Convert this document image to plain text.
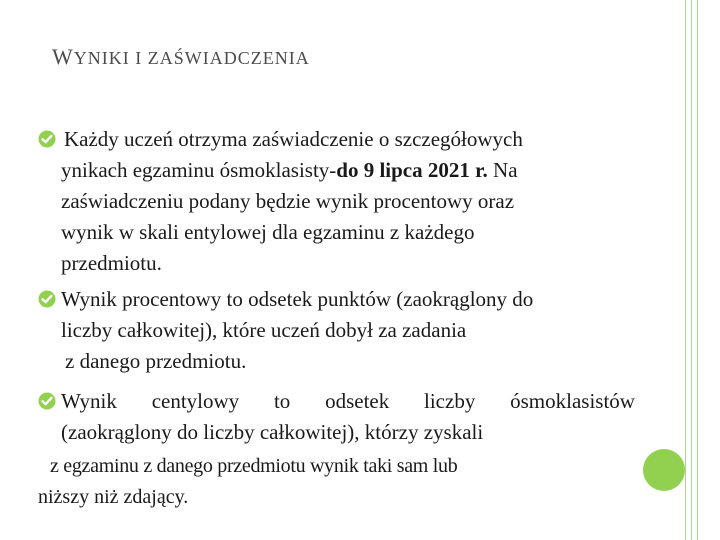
WYNIKI I ZAŚWIADCZENIA
Każdy uczeń otrzyma zaświadczenie o szczegółowych
ynikach egzaminu ósmoklasisty-do 9 lipca 2021 r. Na
zaświadczeniu podany będzie wynik procentowy oraz
wynik w skali entylowej dla egzaminu z każdego
przedmiotu.
Wynik procentowy to odsetek punktów (zaokrąglony do
liczby całkowitej), które uczeń dobył za zadania
z danego przedmiotu.
Wynik centylowy to odsetek liczby ósmoklasistów
(zaokrąglony do liczby całkowitej), którzy zyskali
z egzaminu z danego przedmiotu wynik taki sam lub
niższy niż zdający.
